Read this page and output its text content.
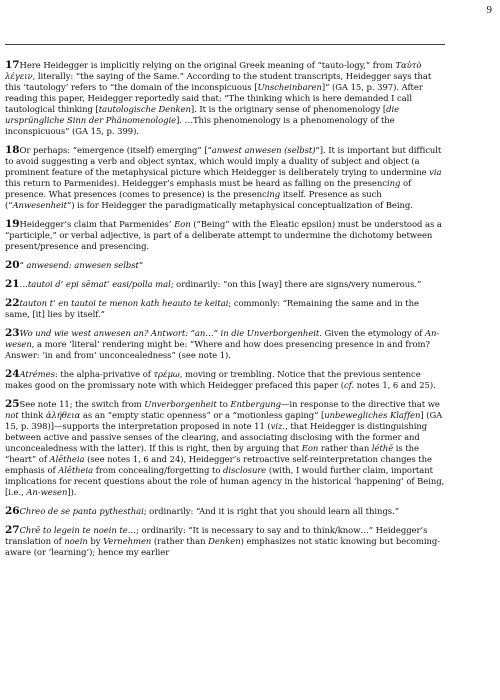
9

17Here Heidegger is implicitly relying on the original Greek meaning of “tauto-logy,” from Ταὐτὸ λέγειν, literally: “the saying of the Same.” According to the student transcripts, Heidegger says that this ‘tautology’ refers to “the domain of the inconspicuous [Unscheinbaren]” (GA 15, p. 397). After reading this paper, Heidegger reportedly said that: “The thinking which is here demanded I call tautological thinking [tautologische Denken]. It is the originary sense of phenomenology [die ursprüngliche Sinn der Phänomenologie]. …This phenomenology is a phenomenology of the inconspicuous” (GA 15, p. 399).

18Or perhaps: “emergence (itself) emerging” [“anwest anwesen (selbst)”]. It is important but difficult to avoid suggesting a verb and object syntax, which would imply a duality of subject and object (a prominent feature of the metaphysical picture which Heidegger is deliberately trying to undermine via this return to Parmenides). Heidegger’s emphasis must be heard as falling on the presencing of presence. What presences (comes to presence) is the presencing itself. Presence as such (“Anwesenheit”) is for Heidegger the paradigmatically metaphysical conceptualization of Being.

19Heidegger’s claim that Parmenides’ Eon (“Being” with the Eleatic epsilon) must be understood as a “participle,” or verbal adjective, is part of a deliberate attempt to undermine the dichotomy between present/presence and presencing.

20“ anwesend: anwesen selbst”

21…tautoi d’ epi sēmat’ easi/polla mal; ordinarily: “on this [way] there are signs/very numerous.”

22tauton t’ en tautoi te menon kath heauto te keitai; commonly: “Remaining the same and in the same, [it] lies by itself.”

23Wo und wie west anwesen an? Antwort: “an…” in die Unverborgenheit. Given the etymology of An-wesen, a more ‘literal’ rendering might be: “Where and how does presencing presence in and from? Answer: ‘in and from’ unconcealedness” (see note 1).

24Atrémes: the alpha-privative of τρέμω, moving or trembling. Notice that the previous sentence makes good on the promissary note with which Heidegger prefaced this paper (cf. notes 1, 6 and 25).

25See note 11; the switch from Unverborgenheit to Entbergung—in response to the directive that we not think ἀλήθεια as an “empty static openness” or a “motionless gaping” [unbewegliches Klaffen] (GA 15, p. 398)]—supports the interpretation proposed in note 11 (viz., that Heidegger is distinguishing between active and passive senses of the clearing, and associating disclosing with the former and unconcealedness with the latter). If this is right, then by arguing that Eon rather than léthē is the “heart” of Alētheia (see notes 1, 6 and 24), Heidegger’s retroactive self-reinterpretation changes the emphasis of Alētheia from concealing/forgetting to disclosure (with, I would further claim, important implications for recent questions about the role of human agency in the historical ‘happening’ of Being, [i.e., An-wesen]).

26Chreo de se panta pythesthai; ordinarily: “And it is right that you should learn all things.”

27Chrē to legein te noein te…; ordinarily: “It is necessary to say and to think/know…” Heidegger’s translation of noein by Vernehmen (rather than Denken) emphasizes not static knowing but becoming-aware (or ‘learning’); hence my earlier
